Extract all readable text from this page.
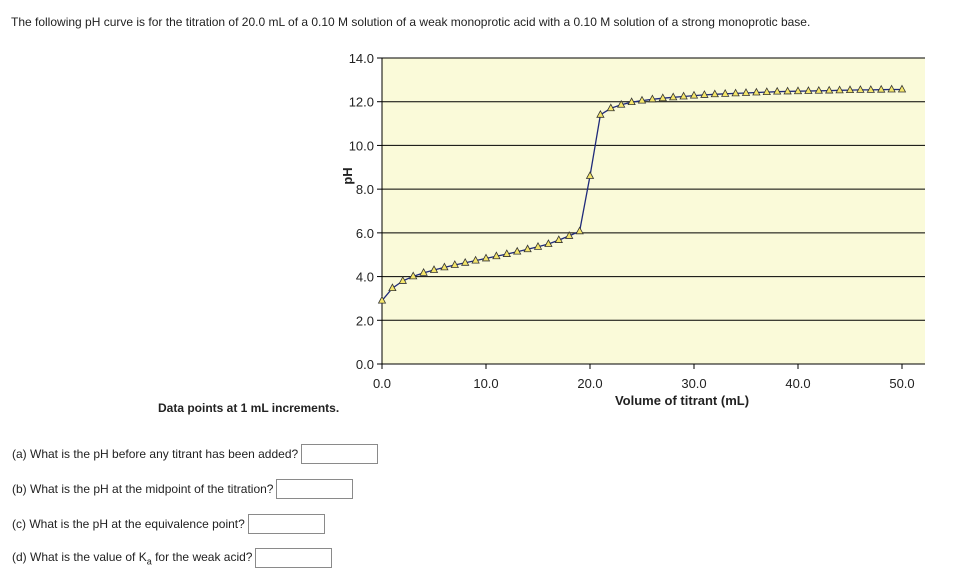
The following pH curve is for the titration of 20.0 mL of a 0.10 M solution of a weak monoprotic acid with a 0.10 M solution of a strong monoprotic base.
0.0
2.0
4.0
6.0
8.0
10.0
12.0
14.0
0.0	10.0	20.0	30.0	40.0	50.0
pH
Volume of titrant (mL)
Data points at 1 mL increments.
(a) What is the pH before any titrant has been added?
(b) What is the pH at the midpoint of the titration?
(c) What is the pH at the equivalence point?
(d) What is the value of $K_a$ for the weak acid?
